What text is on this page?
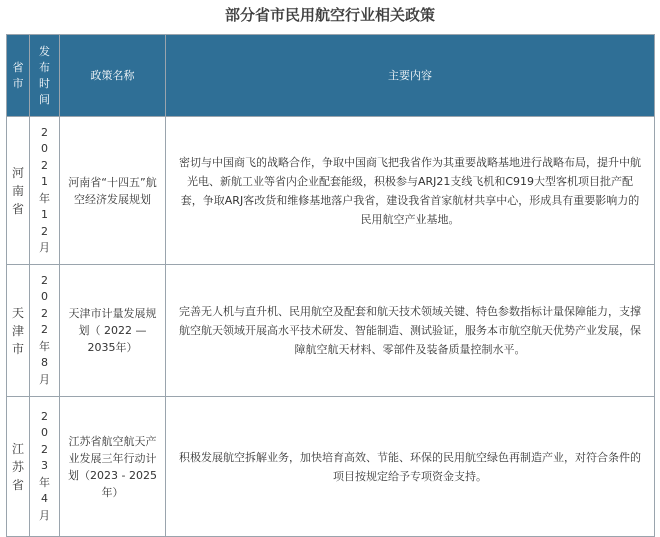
部分省市民用航空行业相关政策
省市	发布时间	政策名称	主要内容

河南省	2021年12月	河南省“十四五”航空经济发展规划	密切与中国商飞的战略合作，争取中国商飞把我省作为其重要战略基地进行战略布局，提升中航光电、新航工业等省内企业配套能级，积极参与ARJ21支线飞机和C919大型客机项目批产配套，争取ARJ客改货和维修基地落户我省，建设我省首家航材共享中心，形成具有重要影响力的民用航空产业基地。

天津市	2022年8月	天津市计量发展规划（ 2022 — 2035年）	完善无人机与直升机、民用航空及配套和航天技术领域关键、特色参数指标计量保障能力，支撑航空航天领域开展高水平技术研发、智能制造、测试验证，服务本市航空航天优势产业发展，保障航空航天材料、零部件及装备质量控制水平。

江苏省	2023年4月	江苏省航空航天产业发展三年行动计划（2023 - 2025年）	积极发展航空拆解业务，加快培育高效、节能、环保的民用航空绿色再制造产业，对符合条件的项目按规定给予专项资金支持。
